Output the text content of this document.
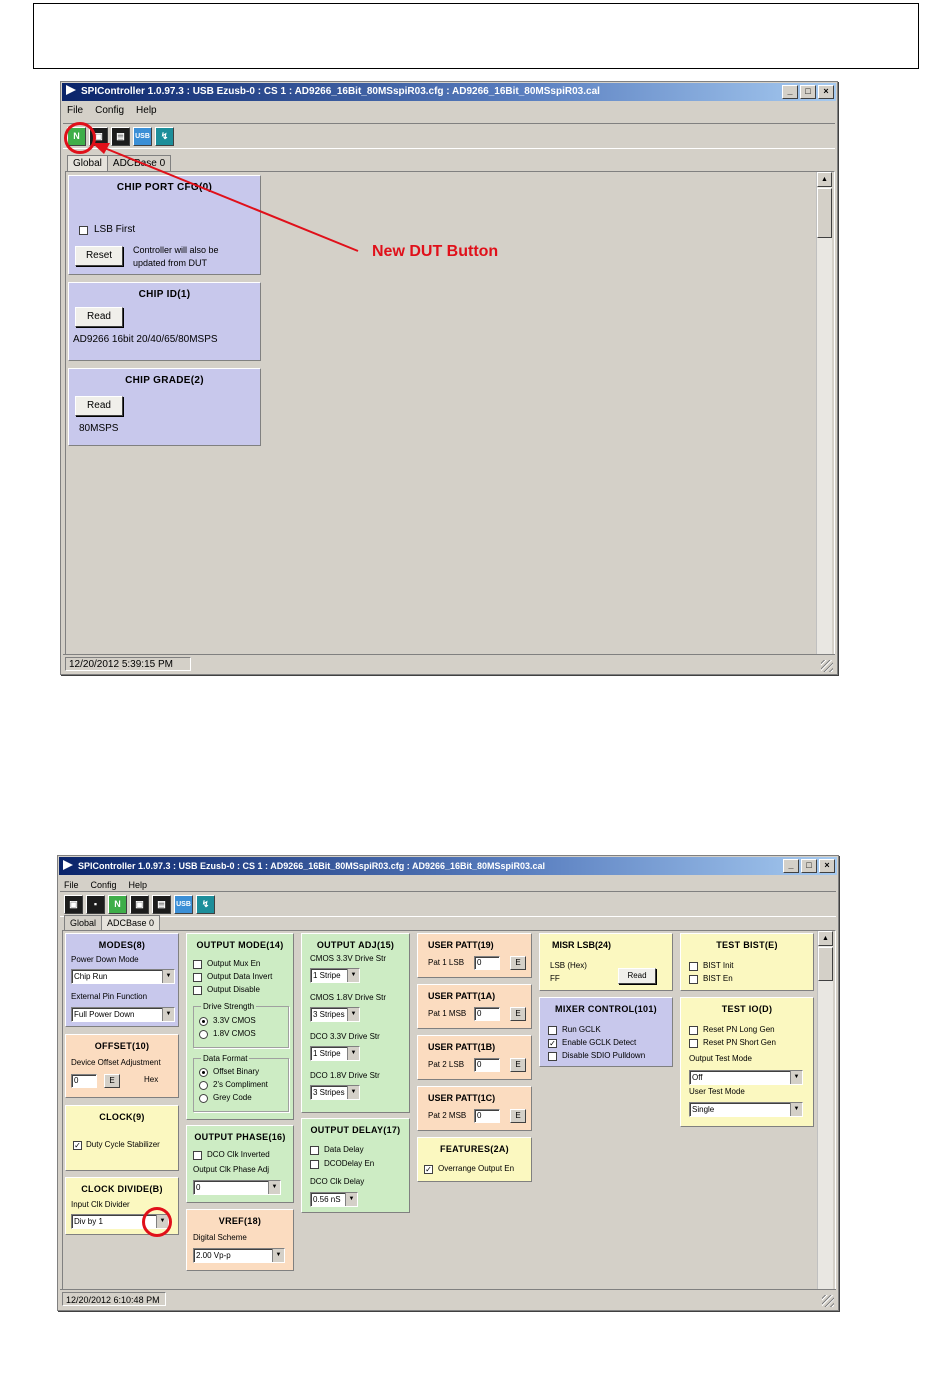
SPIController 1.0.97.3 : USB Ezusb-0 : CS 1 : AD9266_16Bit_80MSspiR03.cfg : AD9266_16Bit_80MSspiR03.cal	_	□	×
File Config Help
N	▣	▤	USB	↯
Global	ADCBase 0
▲
CHIP PORT CFG(0)
LSB First
Reset	Controller will also be
updated from DUT
CHIP ID(1)
Read
AD9266 16bit 20/40/65/80MSPS
CHIP GRADE(2)
Read
80MSPS
12/20/2012 5:39:15 PM
New DUT Button
SPIController 1.0.97.3 : USB Ezusb-0 : CS 1 : AD9266_16Bit_80MSspiR03.cfg : AD9266_16Bit_80MSspiR03.cal	_	□	×
File Config Help
▣	▪	N	▣	▤	USB	↯
Global	ADCBase 0
▲
MODES(8)
Power Down Mode
Chip Run	▼
External Pin Function
Full Power Down	▼
OFFSET(10)
Device Offset Adjustment
0	E	Hex
CLOCK(9)
✓ Duty Cycle Stabilizer
CLOCK DIVIDE(B)
Input Clk Divider
Div by 1	▼
OUTPUT MODE(14)
Output Mux En
Output Data Invert
Output Disable
Drive Strength
3.3V CMOS
1.8V CMOS
Data Format
Offset Binary
2's Compliment
Grey Code
OUTPUT PHASE(16)
DCO Clk Inverted
Output Clk Phase Adj
0	▼
VREF(18)
Digital Scheme
2.00 Vp-p	▼
OUTPUT ADJ(15)
CMOS 3.3V Drive Str
1 Stripe	▼
CMOS 1.8V Drive Str
3 Stripes ▼
DCO 3.3V Drive Str
1 Stripe	▼
DCO 1.8V Drive Str
3 Stripes ▼
OUTPUT DELAY(17)
Data Delay
DCODelay En
DCO Clk Delay
0.56 nS	▼
USER PATT(19)
Pat 1 LSB	0	E
USER PATT(1A)
Pat 1 MSB	0	E
USER PATT(1B)
Pat 2 LSB	0	E
USER PATT(1C)
Pat 2 MSB	0	E
FEATURES(2A)
✓ Overrange Output En
MISR LSB(24)
LSB (Hex)
FF	Read
MIXER CONTROL(101)
Run GCLK
✓ Enable GCLK Detect
Disable SDIO Pulldown
TEST BIST(E)
BIST Init
BIST En
TEST IO(D)
Reset PN Long Gen
Reset PN Short Gen
Output Test Mode
Off	▼
User Test Mode
Single	▼
12/20/2012 6:10:48 PM
